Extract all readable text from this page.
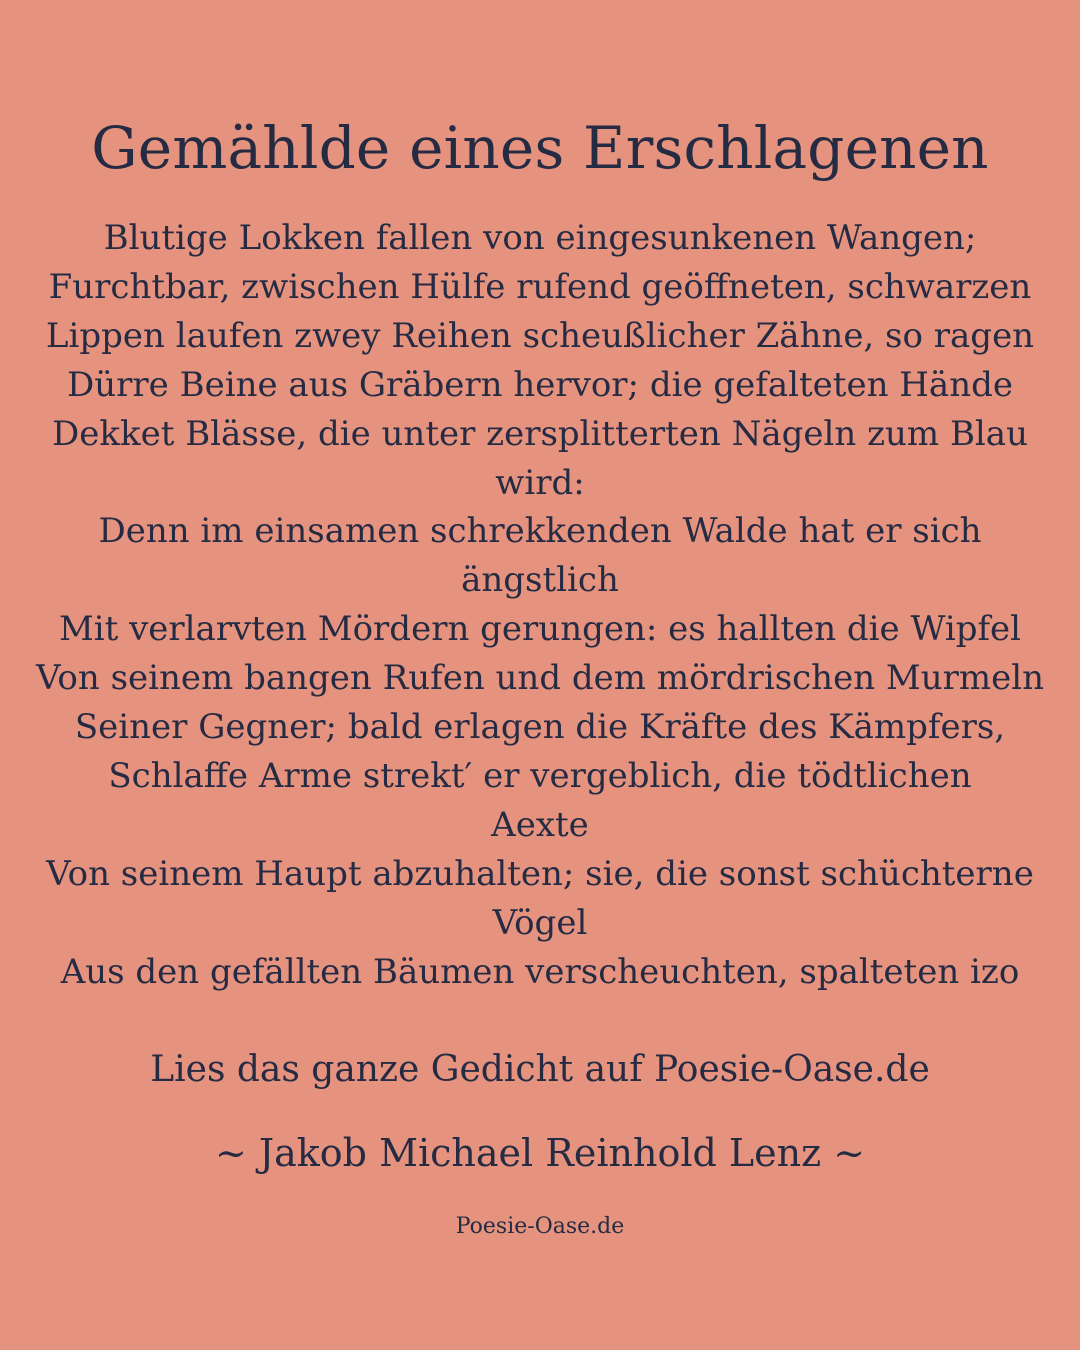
Gemählde eines Erschlagenen
Blutige Lokken fallen von eingesunkenen Wangen;
Furchtbar, zwischen Hülfe rufend geöffneten, schwarzen
Lippen laufen zwey Reihen scheußlicher Zähne, so ragen
Dürre Beine aus Gräbern hervor; die gefalteten Hände
Dekket Blässe, die unter zersplitterten Nägeln zum Blau
wird:
Denn im einsamen schrekkenden Walde hat er sich
ängstlich
Mit verlarvten Mördern gerungen: es hallten die Wipfel
Von seinem bangen Rufen und dem mördrischen Murmeln
Seiner Gegner; bald erlagen die Kräfte des Kämpfers,
Schlaffe Arme strekt′ er vergeblich, die tödtlichen
Aexte
Von seinem Haupt abzuhalten; sie, die sonst schüchterne
Vögel
Aus den gefällten Bäumen verscheuchten, spalteten izo

Lies das ganze Gedicht auf Poesie-Oase.de

~ Jakob Michael Reinhold Lenz ~

Poesie-Oase.de
